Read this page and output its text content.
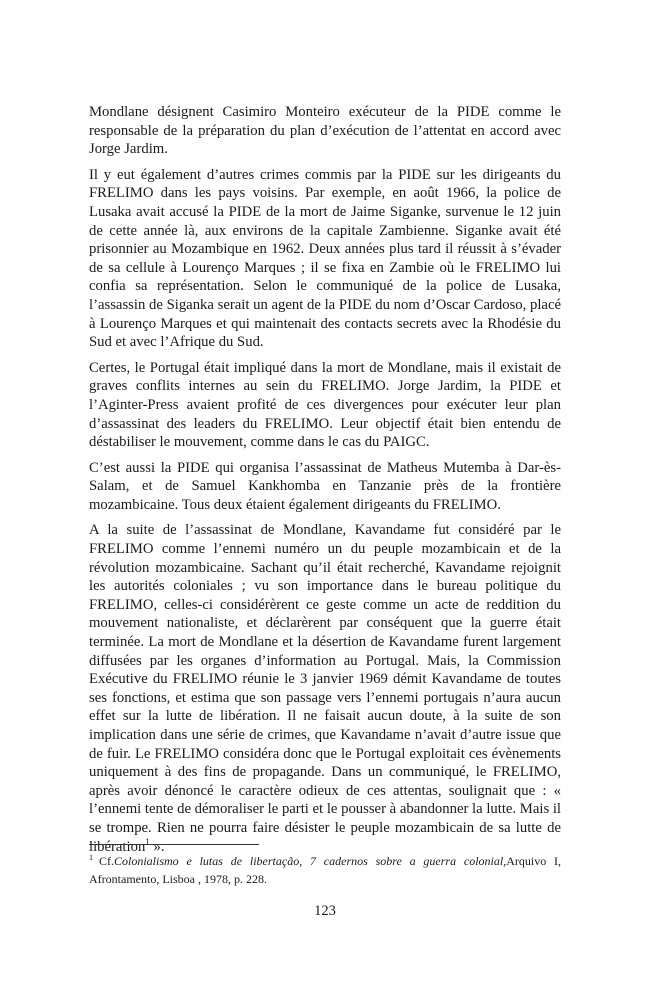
Mondlane désignent Casimiro Monteiro exécuteur de la PIDE comme le responsable de la préparation du plan d’exécution de l’attentat en accord avec Jorge Jardim.

Il y eut également d’autres crimes commis par la PIDE sur les dirigeants du FRELIMO dans les pays voisins. Par exemple, en août 1966, la police de Lusaka avait accusé la PIDE de la mort de Jaime Siganke, survenue le 12 juin de cette année là, aux environs de la capitale Zambienne. Siganke avait été prisonnier au Mozambique en 1962. Deux années plus tard il réussit à s’évader de sa cellule à Lourenço Marques ; il se fixa en Zambie où le FRELIMO lui confia sa représentation. Selon le communiqué de la police de Lusaka, l’assassin de Siganka serait un agent de la PIDE du nom d’Oscar Cardoso, placé à Lourenço Marques et qui maintenait des contacts secrets avec la Rhodésie du Sud et avec l’Afrique du Sud.

Certes, le Portugal était impliqué dans la mort de Mondlane, mais il existait de graves conflits internes au sein du FRELIMO. Jorge Jardim, la PIDE et l’Aginter-Press avaient profité de ces divergences pour exécuter leur plan d’assassinat des leaders du FRELIMO. Leur objectif était bien entendu de déstabiliser le mouvement, comme dans le cas du PAIGC.

C’est aussi la PIDE qui organisa l’assassinat de Matheus Mutemba à Dar-ès-Salam, et de Samuel Kankhomba en Tanzanie près de la frontière mozambicaine. Tous deux étaient également dirigeants du FRELIMO.

A la suite de l’assassinat de Mondlane, Kavandame fut considéré par le FRELIMO comme l’ennemi numéro un du peuple mozambicain et de la révolution mozambicaine. Sachant qu’il était recherché, Kavandame rejoignit les autorités coloniales ; vu son importance dans le bureau politique du FRELIMO, celles-ci considérèrent ce geste comme un acte de reddition du mouvement nationaliste, et déclarèrent par conséquent que la guerre était terminée. La mort de Mondlane et la désertion de Kavandame furent largement diffusées par les organes d’information au Portugal. Mais, la Commission Exécutive du FRELIMO réunie le 3 janvier 1969 démit Kavandame de toutes ses fonctions, et estima que son passage vers l’ennemi portugais n’aura aucun effet sur la lutte de libération. Il ne faisait aucun doute, à la suite de son implication dans une série de crimes, que Kavandame n’avait d’autre issue que de fuir. Le FRELIMO considéra donc que le Portugal exploitait ces évènements uniquement à des fins de propagande. Dans un communiqué, le FRELIMO, après avoir dénoncé le caractère odieux de ces attentas, soulignait que : « l’ennemi tente de démoraliser le parti et le pousser à abandonner la lutte. Mais il se trompe. Rien ne pourra faire désister le peuple mozambicain de sa lutte de libération$^1$ ».

$^1$ Cf.Colonialismo e lutas de libertação, 7 cadernos sobre a guerra colonial,Arquivo I, Afrontamento, Lisboa , 1978, p. 228.
123
